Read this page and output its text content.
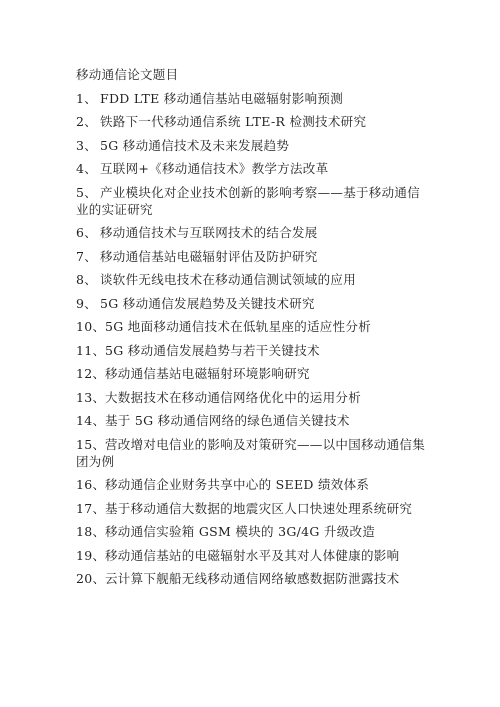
移动通信论文题目
1、 FDD LTE 移动通信基站电磁辐射影响预测
2、 铁路下一代移动通信系统 LTE-R 检测技术研究
3、 5G 移动通信技术及未来发展趋势
4、 互联网+《移动通信技术》教学方法改革
5、 产业模块化对企业技术创新的影响考察——基于移动通信业的实证研究
6、 移动通信技术与互联网技术的结合发展
7、 移动通信基站电磁辐射评估及防护研究
8、 谈软件无线电技术在移动通信测试领域的应用
9、 5G 移动通信发展趋势及关键技术研究
10、5G 地面移动通信技术在低轨星座的适应性分析
11、5G 移动通信发展趋势与若干关键技术
12、移动通信基站电磁辐射环境影响研究
13、大数据技术在移动通信网络优化中的运用分析
14、基于 5G 移动通信网络的绿色通信关键技术
15、营改增对电信业的影响及对策研究——以中国移动通信集团为例
16、移动通信企业财务共享中心的 SEED 绩效体系
17、基于移动通信大数据的地震灾区人口快速处理系统研究
18、移动通信实验箱 GSM 模块的 3G/4G 升级改造
19、移动通信基站的电磁辐射水平及其对人体健康的影响
20、云计算下舰船无线移动通信网络敏感数据防泄露技术
